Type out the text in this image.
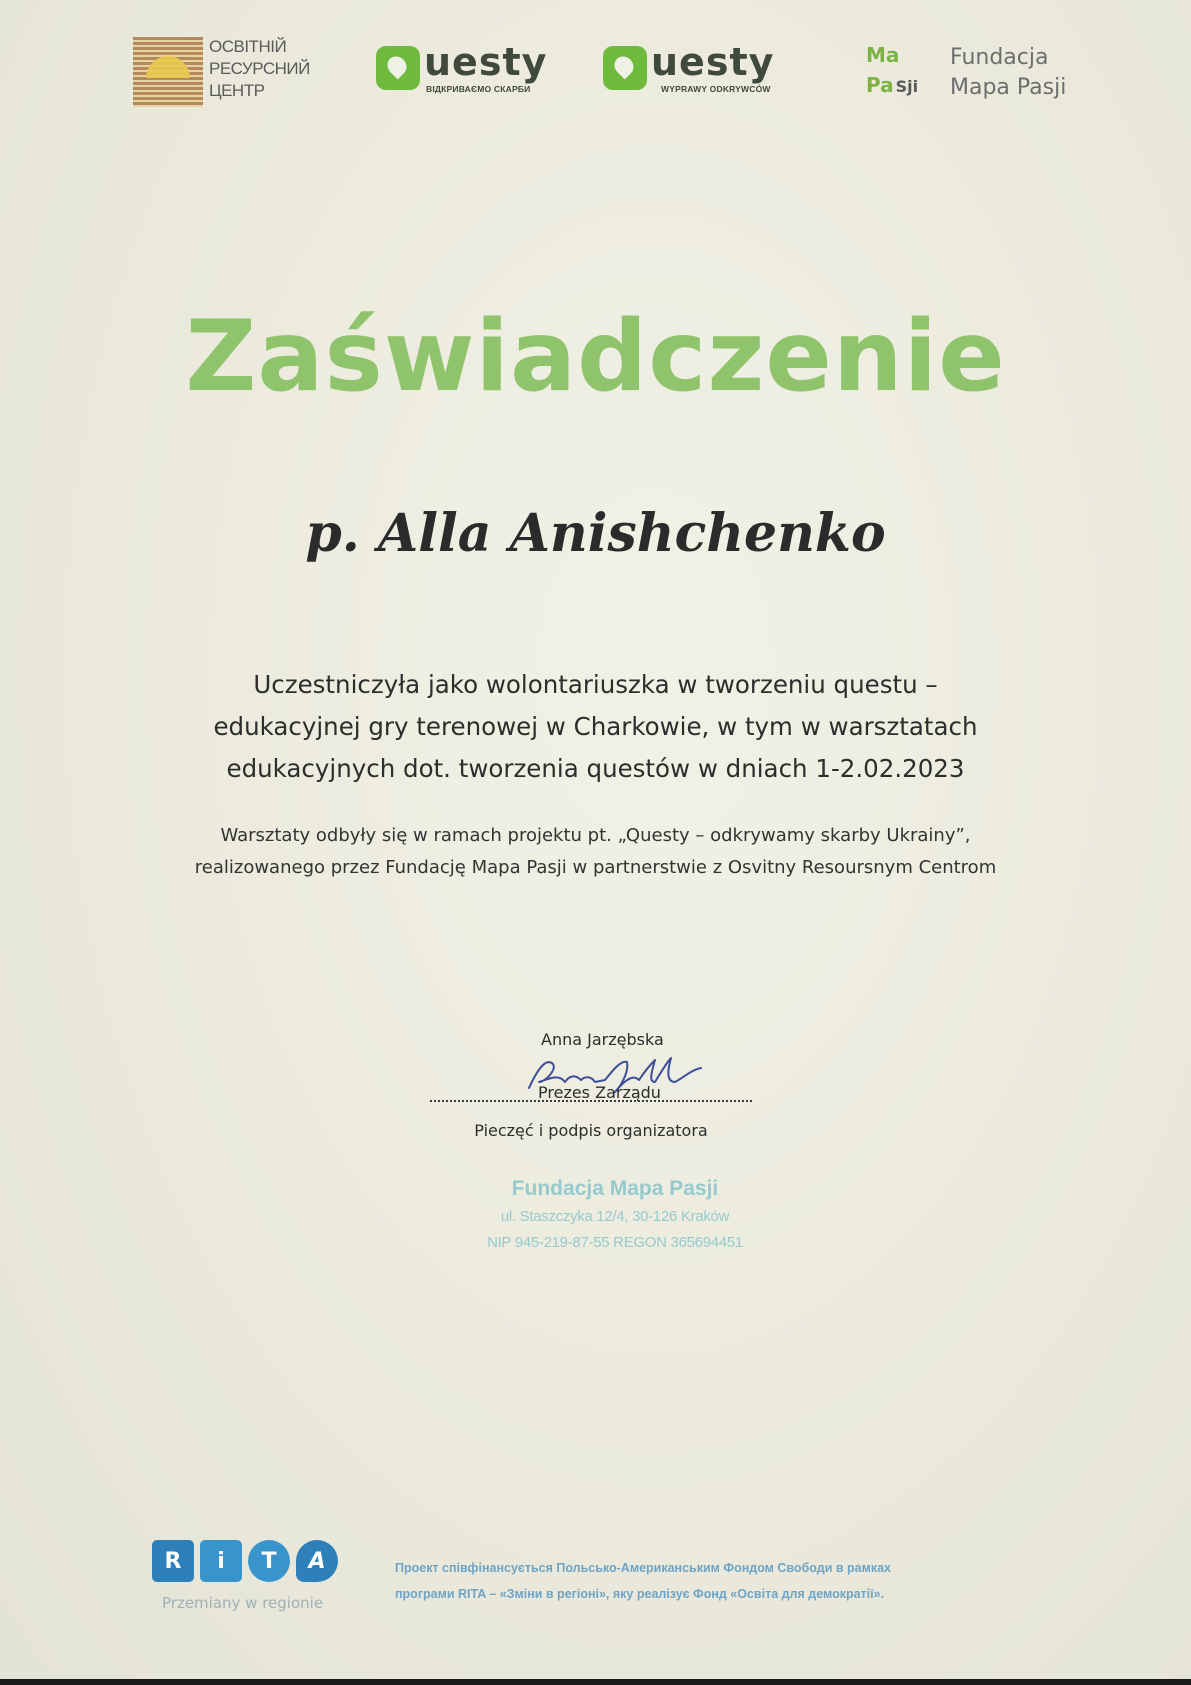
ОСВІТНІЙ
РЕСУРСНИЙ
ЦЕНТР
uesty
ВІДКРИВАЄМО СКАРБИ
uesty
WYPRAWY ODKRYWCÓW
Ma
Pa Sji
Fundacja
Mapa Pasji
Zaświadczenie
p. Alla Anishchenko
Uczestniczyła jako wolontariuszka w tworzeniu questu –
edukacyjnej gry terenowej w Charkowie, w tym w warsztatach
edukacyjnych dot. tworzenia questów w dniach 1-2.02.2023
Warsztaty odbyły się w ramach projektu pt. „Questy – odkrywamy skarby Ukrainy”,
realizowanego przez Fundację Mapa Pasji w partnerstwie z Osvitny Resoursnym Centrom
Anna Jarzębska
Prezes Zarządu
Pieczęć i podpis organizatora
Fundacja Mapa Pasji
ul. Staszczyka 12/4, 30-126 Kraków
NIP 945-219-87-55 REGON 365694451
R	i	T	A
Przemiany w regionie
Проект співфінансується Польсько-Американським Фондом Свободи в рамках
програми RITA – «Зміни в регіоні», яку реалізує Фонд «Освіта для демократії».
